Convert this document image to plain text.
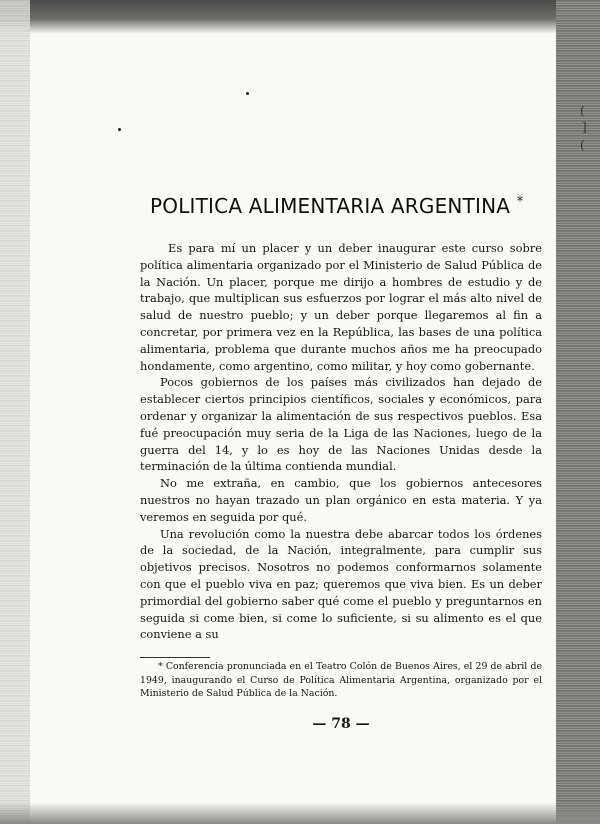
(
]
(
POLITICA ALIMENTARIA ARGENTINA *

Es para mí un placer y un deber inaugurar este curso sobre política alimentaria organizado por el Ministerio de Salud Pública de la Nación. Un placer, porque me dirijo a hombres de estudio y de trabajo, que multiplican sus esfuerzos por lograr el más alto nivel de salud de nuestro pueblo; y un deber porque llegaremos al fin a concretar, por primera vez en la República, las bases de una política alimentaria, problema que durante muchos años me ha preocupado hondamente, como argentino, como militar, y hoy como gobernante.

Pocos gobiernos de los países más civilizados han dejado de establecer ciertos principios científicos, sociales y económicos, para ordenar y organizar la alimentación de sus respectivos pueblos. Esa fué preocupación muy seria de la Liga de las Naciones, luego de la guerra del 14, y lo es hoy de las Naciones Unidas desde la terminación de la última contienda mundial.

No me extraña, en cambio, que los gobiernos antecesores nuestros no hayan trazado un plan orgánico en esta materia. Y ya veremos en seguida por qué.

Una revolución como la nuestra debe abarcar todos los órdenes de la sociedad, de la Nación, integralmente, para cumplir sus objetivos precisos. Nosotros no podemos conformarnos solamente con que el pueblo viva en paz; queremos que viva bien. Es un deber primordial del gobierno saber qué come el pueblo y preguntarnos en seguida si come bien, si come lo suficiente, si su alimento es el que conviene a su

* Conferencia pronunciada en el Teatro Colón de Buenos Aires, el 29 de abril de 1949, inaugurando el Curso de Política Alimentaria Argentina, organizado por el Ministerio de Salud Pública de la Nación.

— 78 —
